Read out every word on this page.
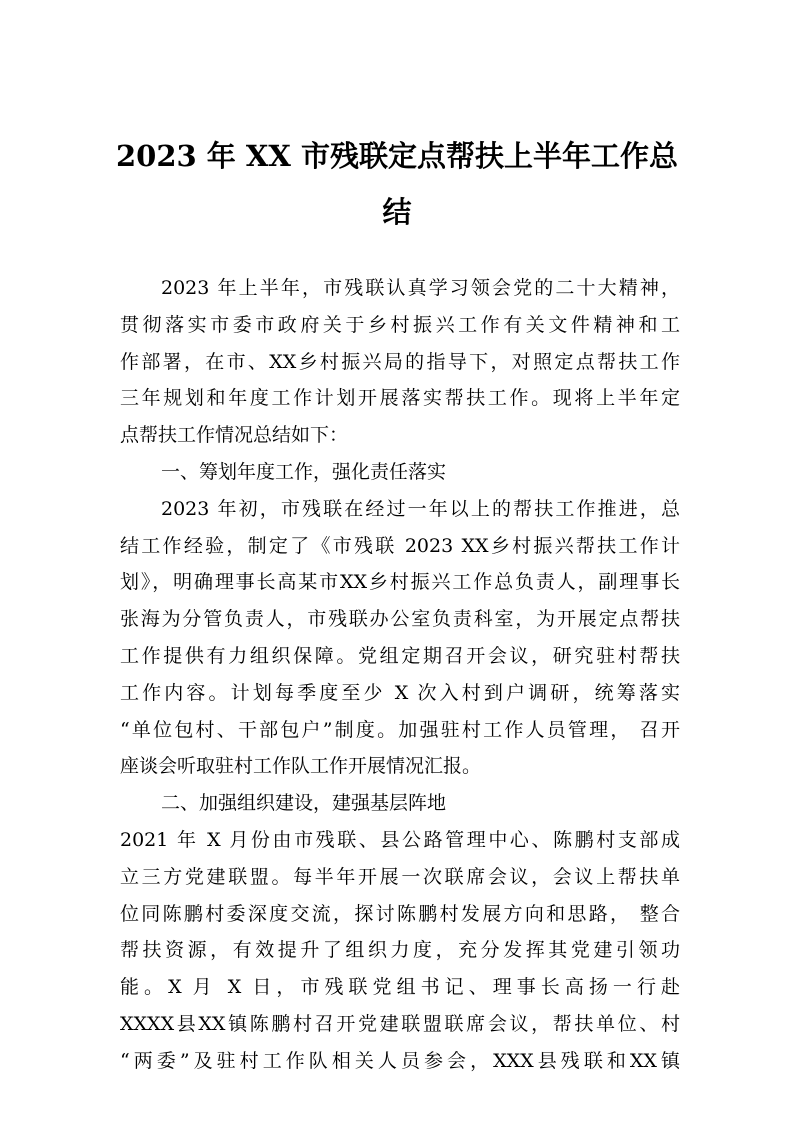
2023 年 XX 市残联定点帮扶上半年工作总
结
2023 年上半年，市残联认真学习领会党的二十大精神，
贯彻落实市委市政府关于乡村振兴工作有关文件精神和工
作部署，在市、XX乡村振兴局的指导下，对照定点帮扶工作
三年规划和年度工作计划开展落实帮扶工作。现将上半年定
点帮扶工作情况总结如下：
一、筹划年度工作，强化责任落实
2023 年初，市残联在经过一年以上的帮扶工作推进，总
结工作经验，制定了《市残联 2023 XX乡村振兴帮扶工作计
划》，明确理事长高某市XX乡村振兴工作总负责人，副理事长
张海为分管负责人，市残联办公室负责科室，为开展定点帮扶
工作提供有力组织保障。党组定期召开会议，研究驻村帮扶
工作内容。计划每季度至少 X 次入村到户调研，统筹落实
“单位包村、干部包户”制度。加强驻村工作人员管理， 召开
座谈会听取驻村工作队工作开展情况汇报。
二、加强组织建设，建强基层阵地
2021 年 X 月份由市残联、县公路管理中心、陈鹏村支部成
立三方党建联盟。每半年开展一次联席会议，会议上帮扶单
位同陈鹏村委深度交流，探讨陈鹏村发展方向和思路， 整合
帮扶资源，有效提升了组织力度，充分发挥其党建引领功
能。X 月 X 日，市残联党组书记、理事长高扬一行赴
XXXX县XX镇陈鹏村召开党建联盟联席会议，帮扶单位、村
“两委”及驻村工作队相关人员参会，XXX县残联和XX镇
